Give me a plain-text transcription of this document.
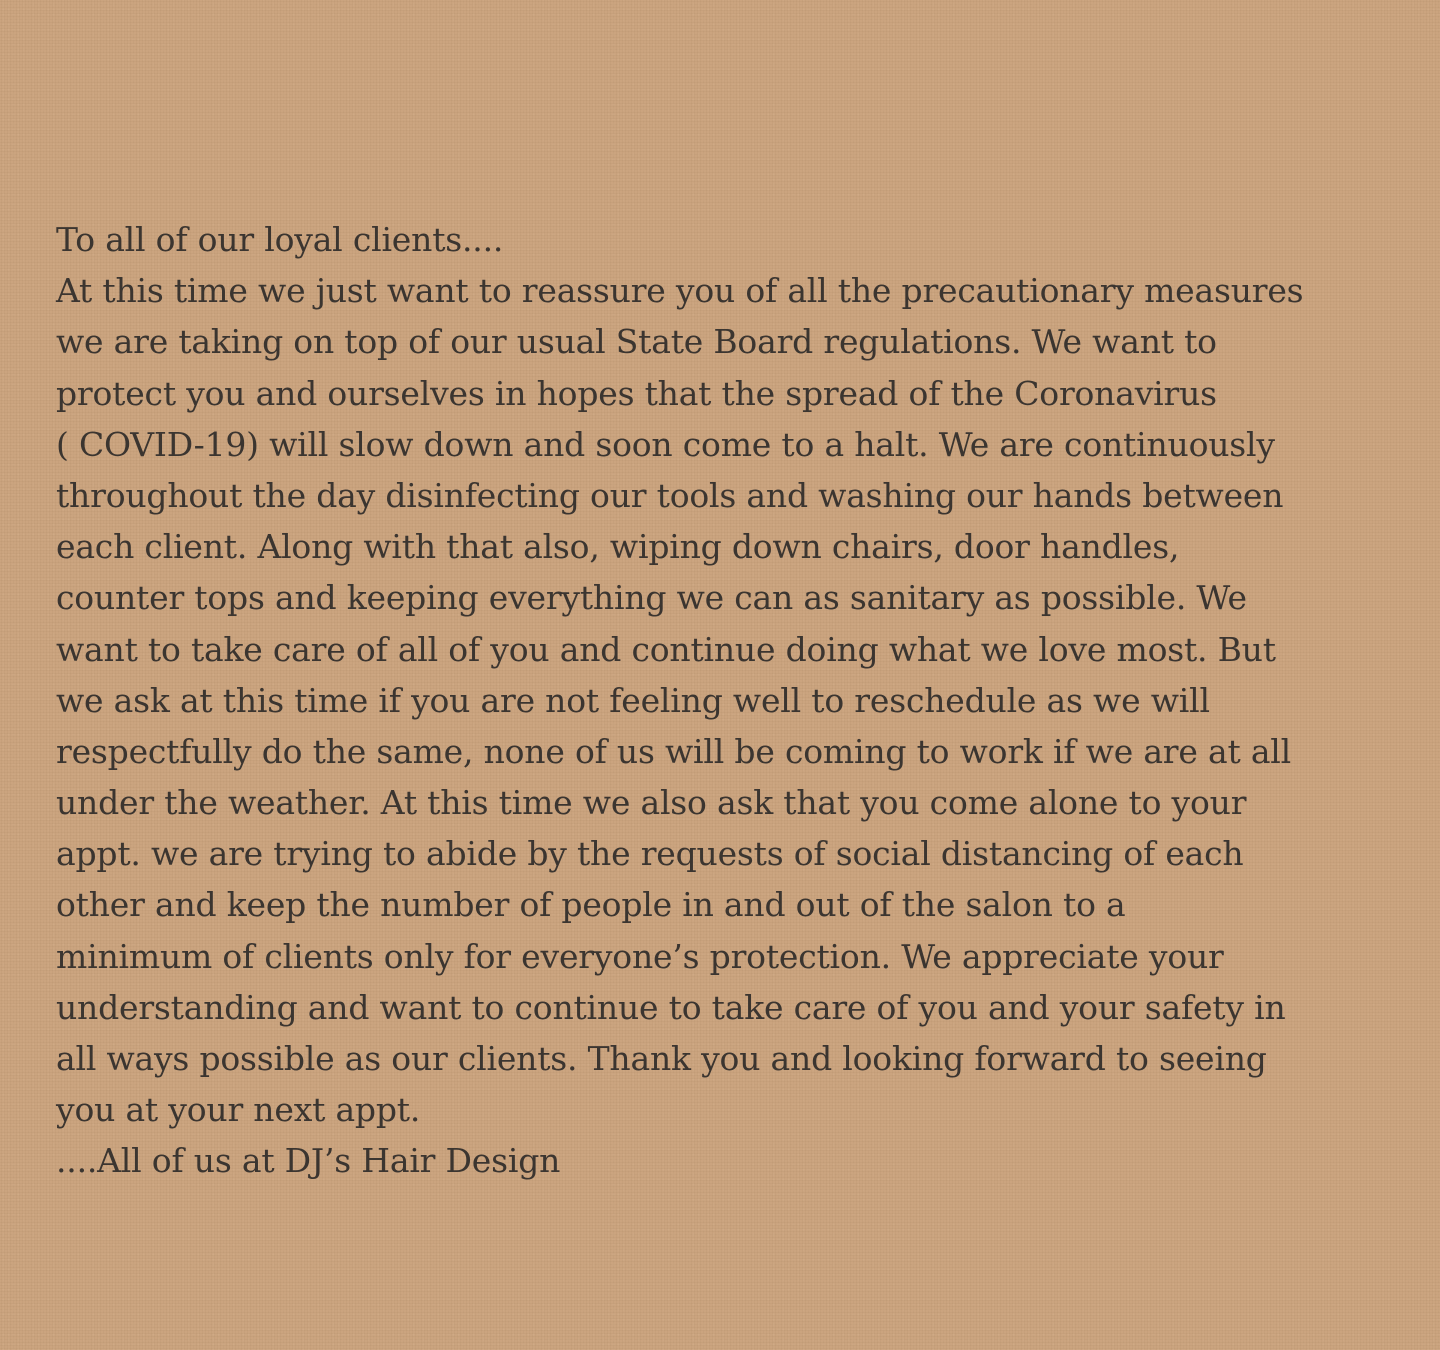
To all of our loyal clients....
At this time we just want to reassure you of all the precautionary measures
we are taking on top of our usual State Board regulations. We want to
protect you and ourselves in hopes that the spread of the Coronavirus
( COVID-19) will slow down and soon come to a halt. We are continuously
throughout the day disinfecting our tools and washing our hands between
each client. Along with that also, wiping down chairs, door handles,
counter tops and keeping everything we can as sanitary as possible. We
want to take care of all of you and continue doing what we love most. But
we ask at this time if you are not feeling well to reschedule as we will
respectfully do the same, none of us will be coming to work if we are at all
under the weather. At this time we also ask that you come alone to your
appt. we are trying to abide by the requests of social distancing of each
other and keep the number of people in and out of the salon to a
minimum of clients only for everyone’s protection. We appreciate your
understanding and want to continue to take care of you and your safety in
all ways possible as our clients. Thank you and looking forward to seeing
you at your next appt.
....All of us at DJ’s Hair Design
